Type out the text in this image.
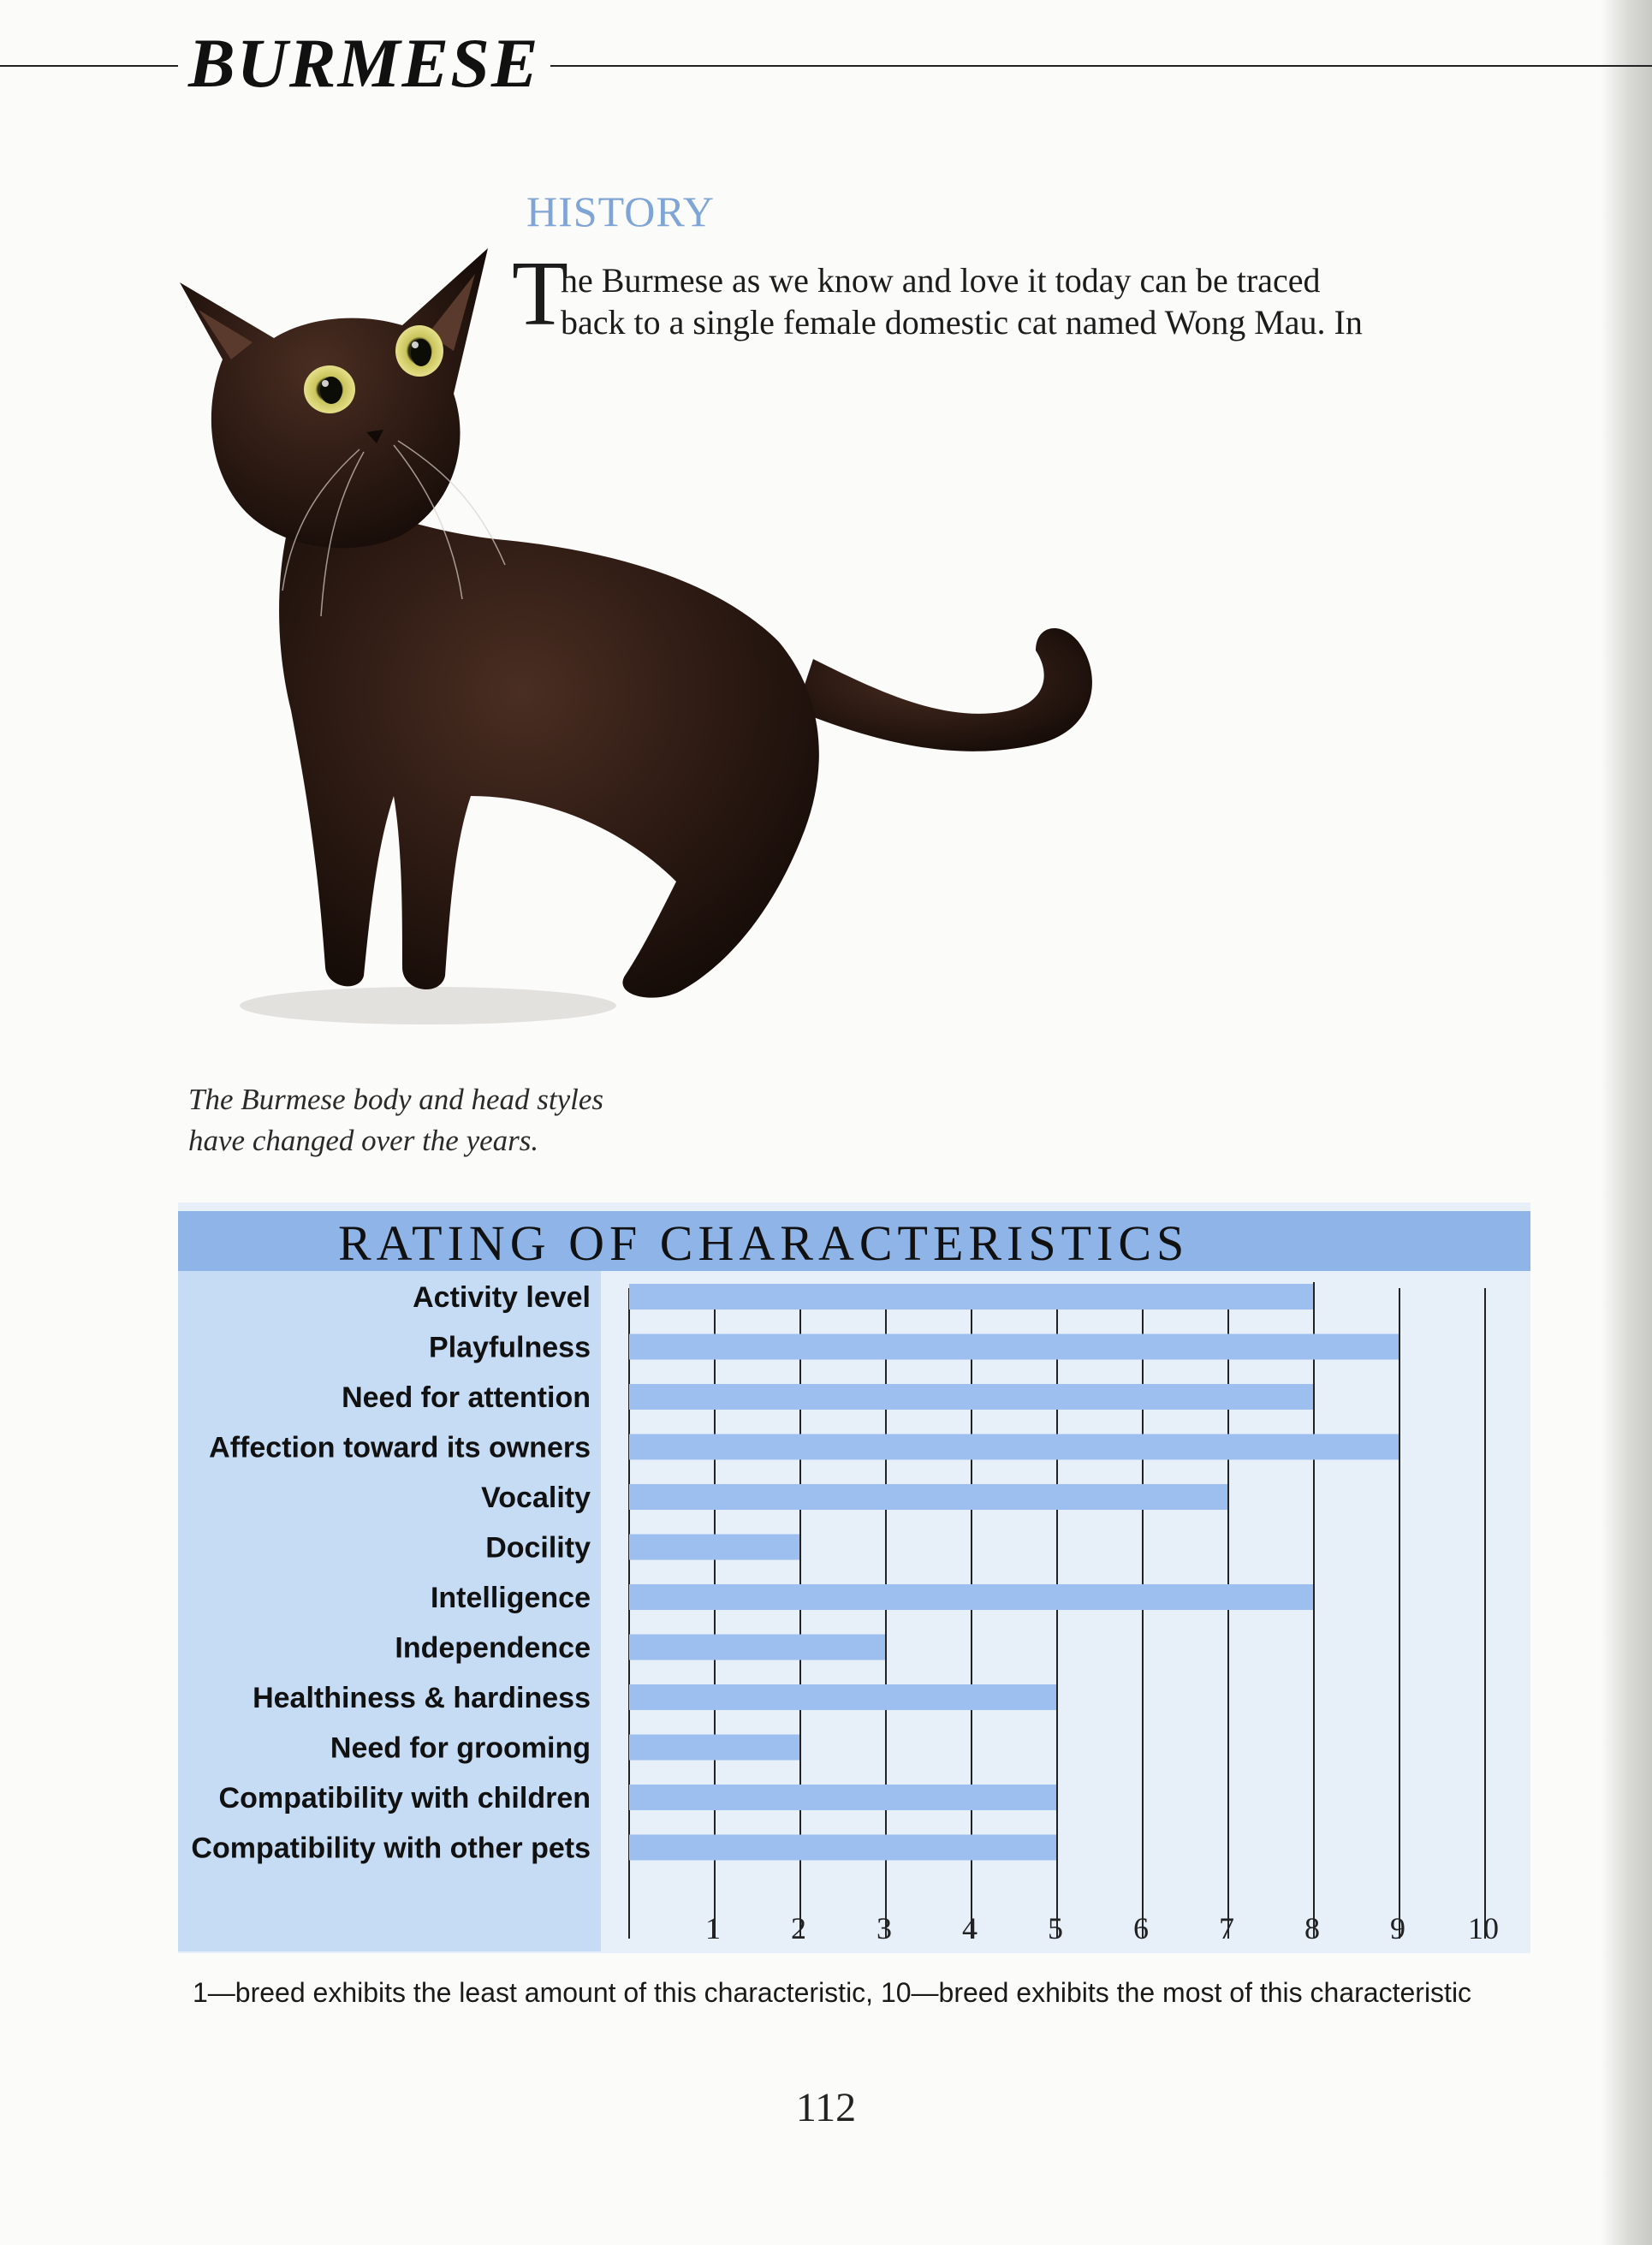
BURMESE
HISTORY
T
he Burmese as we know and love it today can be traced
back to a single female domestic cat named Wong Mau. In
The Burmese body and head styles
have changed over the years.
RATING OF CHARACTERISTICS
Activity level
Playfulness
Need for attention
Affection toward its owners
Vocality
Docility
Intelligence
Independence
Healthiness & hardiness
Need for grooming
Compatibility with children
Compatibility with other pets
1 2 3 4 5 6 7 8 9 10
1—breed exhibits the least amount of this characteristic, 10—breed exhibits the most of this characteristic
112
